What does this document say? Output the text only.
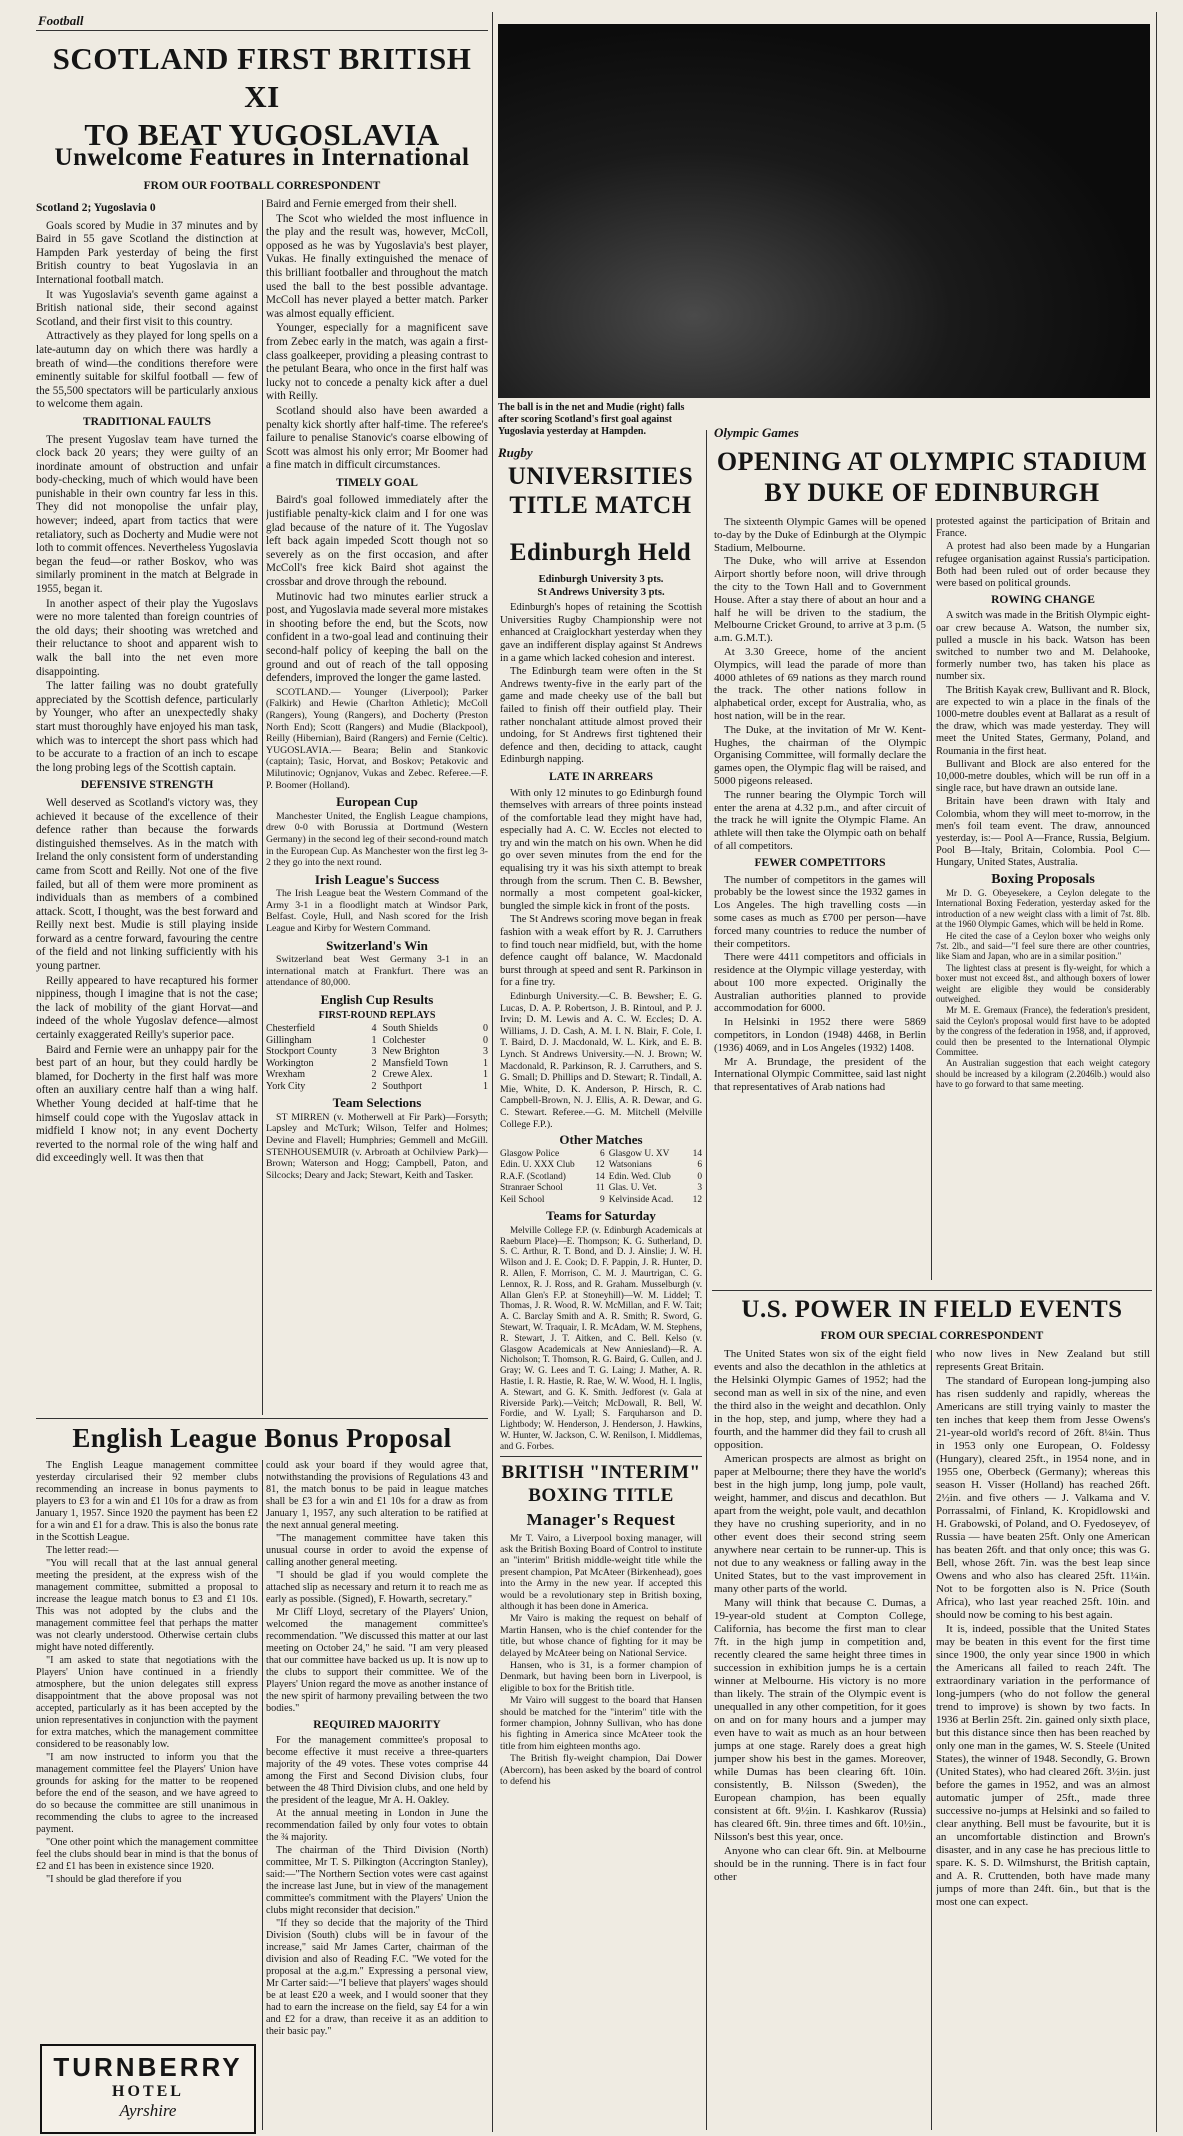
Football
SCOTLAND FIRST BRITISH XI
TO BEAT YUGOSLAVIA
Unwelcome Features in International
FROM OUR FOOTBALL CORRESPONDENT
Scotland 2; Yugoslavia 0

Goals scored by Mudie in 37 minutes and by Baird in 55 gave Scotland the distinction at Hampden Park yesterday of being the first British country to beat Yugoslavia in an International football match.

It was Yugoslavia's seventh game against a British national side, their second against Scotland, and their first visit to this country.

Attractively as they played for long spells on a late-autumn day on which there was hardly a breath of wind—the conditions therefore were eminently suitable for skilful football — few of the 55,500 spectators will be particularly anxious to welcome them again.

TRADITIONAL FAULTS

The present Yugoslav team have turned the clock back 20 years; they were guilty of an inordinate amount of obstruction and unfair body-checking, much of which would have been punishable in their own country far less in this. They did not monopolise the unfair play, however; indeed, apart from tactics that were retaliatory, such as Docherty and Mudie were not loth to commit offences. Nevertheless Yugoslavia began the feud—or rather Boskov, who was similarly prominent in the match at Belgrade in 1955, began it.

In another aspect of their play the Yugoslavs were no more talented than foreign countries of the old days; their shooting was wretched and their reluctance to shoot and apparent wish to walk the ball into the net even more disappointing.

The latter failing was no doubt gratefully appreciated by the Scottish defence, particularly by Younger, who after an unexpectedly shaky start must thoroughly have enjoyed his man task, which was to intercept the short pass which had to be accurate to a fraction of an inch to escape the long probing legs of the Scottish captain.

DEFENSIVE STRENGTH

Well deserved as Scotland's victory was, they achieved it because of the excellence of their defence rather than because the forwards distinguished themselves. As in the match with Ireland the only consistent form of understanding came from Scott and Reilly. Not one of the five failed, but all of them were more prominent as individuals than as members of a combined attack. Scott, I thought, was the best forward and Reilly next best. Mudie is still playing inside forward as a centre forward, favouring the centre of the field and not linking sufficiently with his young partner.

Reilly appeared to have recaptured his former nippiness, though I imagine that is not the case; the lack of mobility of the giant Horvat—and indeed of the whole Yugoslav defence—almost certainly exaggerated Reilly's superior pace.

Baird and Fernie were an unhappy pair for the best part of an hour, but they could hardly be blamed, for Docherty in the first half was more often an auxiliary centre half than a wing half. Whether Young decided at half-time that he himself could cope with the Yugoslav attack in midfield I know not; in any event Docherty reverted to the normal role of the wing half and did exceedingly well. It was then that

Baird and Fernie emerged from their shell.

The Scot who wielded the most influence in the play and the result was, however, McColl, opposed as he was by Yugoslavia's best player, Vukas. He finally extinguished the menace of this brilliant footballer and throughout the match used the ball to the best possible advantage. McColl has never played a better match. Parker was almost equally efficient.

Younger, especially for a magnificent save from Zebec early in the match, was again a first-class goalkeeper, providing a pleasing contrast to the petulant Beara, who once in the first half was lucky not to concede a penalty kick after a duel with Reilly.

Scotland should also have been awarded a penalty kick shortly after half-time. The referee's failure to penalise Stanovic's coarse elbowing of Scott was almost his only error; Mr Boomer had a fine match in difficult circumstances.

TIMELY GOAL

Baird's goal followed immediately after the justifiable penalty-kick claim and I for one was glad because of the nature of it. The Yugoslav left back again impeded Scott though not so severely as on the first occasion, and after McColl's free kick Baird shot against the crossbar and drove through the rebound.

Mutinovic had two minutes earlier struck a post, and Yugoslavia made several more mistakes in shooting before the end, but the Scots, now confident in a two-goal lead and continuing their second-half policy of keeping the ball on the ground and out of reach of the tall opposing defenders, improved the longer the game lasted.

SCOTLAND.— Younger (Liverpool); Parker (Falkirk) and Hewie (Charlton Athletic); McColl (Rangers), Young (Rangers), and Docherty (Preston North End); Scott (Rangers) and Mudie (Blackpool), Reilly (Hibernian), Baird (Rangers) and Fernie (Celtic). YUGOSLAVIA.— Beara; Belin and Stankovic (captain); Tasic, Horvat, and Boskov; Petakovic and Milutinovic; Ognjanov, Vukas and Zebec. Referee.—F. P. Boomer (Holland).

European Cup

Manchester United, the English League champions, drew 0-0 with Borussia at Dortmund (Western Germany) in the second leg of their second-round match in the European Cup. As Manchester won the first leg 3-2 they go into the next round.

Irish League's Success

The Irish League beat the Western Command of the Army 3-1 in a floodlight match at Windsor Park, Belfast. Coyle, Hull, and Nash scored for the Irish League and Kirby for Western Command.

Switzerland's Win

Switzerland beat West Germany 3-1 in an international match at Frankfurt. There was an attendance of 80,000.

English Cup Results
FIRST-ROUND REPLAYS
Chesterfield	4	South Shields	0
Gillingham	1	Colchester	0
Stockport County	3	New Brighton	3
Workington	2	Mansfield Town	1
Wrexham	2	Crewe Alex.	1
York City	2	Southport	1
Team Selections

ST MIRREN (v. Motherwell at Fir Park)—Forsyth; Lapsley and McTurk; Wilson, Telfer and Holmes; Devine and Flavell; Humphries; Gemmell and McGill. STENHOUSEMUIR (v. Arbroath at Ochilview Park)—Brown; Waterson and Hogg; Campbell, Paton, and Silcocks; Deary and Jack; Stewart, Keith and Tasker.

English League Bonus Proposal

The English League management committee yesterday circularised their 92 member clubs recommending an increase in bonus payments to players to £3 for a win and £1 10s for a draw as from January 1, 1957. Since 1920 the payment has been £2 for a win and £1 for a draw. This is also the bonus rate in the Scottish League.

The letter read:—

"You will recall that at the last annual general meeting the president, at the express wish of the management committee, submitted a proposal to increase the league match bonus to £3 and £1 10s. This was not adopted by the clubs and the management committee feel that perhaps the matter was not clearly understood. Otherwise certain clubs might have noted differently.

"I am asked to state that negotiations with the Players' Union have continued in a friendly atmosphere, but the union delegates still express disappointment that the above proposal was not accepted, particularly as it has been accepted by the union representatives in conjunction with the payment for extra matches, which the management committee considered to be reasonably low.

"I am now instructed to inform you that the management committee feel the Players' Union have grounds for asking for the matter to be reopened before the end of the season, and we have agreed to do so because the committee are still unanimous in recommending the clubs to agree to the increased payment.

"One other point which the management committee feel the clubs should bear in mind is that the bonus of £2 and £1 has been in existence since 1920.

"I should be glad therefore if you

could ask your board if they would agree that, notwithstanding the provisions of Regulations 43 and 81, the match bonus to be paid in league matches shall be £3 for a win and £1 10s for a draw as from January 1, 1957, any such alteration to be ratified at the next annual general meeting.

"The management committee have taken this unusual course in order to avoid the expense of calling another general meeting.

"I should be glad if you would complete the attached slip as necessary and return it to reach me as early as possible. (Signed), F. Howarth, secretary."

Mr Cliff Lloyd, secretary of the Players' Union, welcomed the management committee's recommendation. "We discussed this matter at our last meeting on October 24," he said. "I am very pleased that our committee have backed us up. It is now up to the clubs to support their committee. We of the Players' Union regard the move as another instance of the new spirit of harmony prevailing between the two bodies."

REQUIRED MAJORITY

For the management committee's proposal to become effective it must receive a three-quarters majority of the 49 votes. These votes comprise 44 among the First and Second Division clubs, four between the 48 Third Division clubs, and one held by the president of the league, Mr A. H. Oakley.

At the annual meeting in London in June the recommendation failed by only four votes to obtain the ¾ majority.

The chairman of the Third Division (North) committee, Mr T. S. Pilkington (Accrington Stanley), said:—"The Northern Section votes were cast against the increase last June, but in view of the management committee's commitment with the Players' Union the clubs might reconsider that decision."

"If they so decide that the majority of the Third Division (South) clubs will be in favour of the increase," said Mr James Carter, chairman of the division and also of Reading F.C. "We voted for the proposal at the a.g.m." Expressing a personal view, Mr Carter said:—"I believe that players' wages should be at least £20 a week, and I would sooner that they had to earn the increase on the field, say £4 for a win and £2 for a draw, than receive it as an addition to their basic pay."

TURNBERRY
HOTEL
Ayrshire
The ball is in the net and Mudie (right) falls after scoring Scotland's first goal against Yugoslavia yesterday at Hampden.
Rugby
UNIVERSITIES
TITLE MATCH
Edinburgh Held
Edinburgh University 3 pts.
St Andrews University 3 pts.

Edinburgh's hopes of retaining the Scottish Universities Rugby Championship were not enhanced at Craiglockhart yesterday when they gave an indifferent display against St Andrews in a game which lacked cohesion and interest.

The Edinburgh team were often in the St Andrews twenty-five in the early part of the game and made cheeky use of the ball but failed to finish off their outfield play. Their rather nonchalant attitude almost proved their undoing, for St Andrews first tightened their defence and then, deciding to attack, caught Edinburgh napping.

LATE IN ARREARS

With only 12 minutes to go Edinburgh found themselves with arrears of three points instead of the comfortable lead they might have had, especially had A. C. W. Eccles not elected to try and win the match on his own. When he did go over seven minutes from the end for the equalising try it was his sixth attempt to break through from the scrum. Then C. B. Bewsher, normally a most competent goal-kicker, bungled the simple kick in front of the posts.

The St Andrews scoring move began in freak fashion with a weak effort by R. J. Carruthers to find touch near midfield, but, with the home defence caught off balance, W. Macdonald burst through at speed and sent R. Parkinson in for a fine try.

Edinburgh University.—C. B. Bewsher; E. G. Lucas, D. A. P. Robertson, J. B. Rintoul, and P. J. Irvin; D. M. Lewis and A. C. W. Eccles; D. A. Williams, J. D. Cash, A. M. I. N. Blair, F. Cole, I. T. Baird, D. J. Macdonald, W. L. Kirk, and E. B. Lynch. St Andrews University.—N. J. Brown; W. Macdonald, R. Parkinson, R. J. Carruthers, and S. G. Small; D. Phillips and D. Stewart; R. Tindall, A. Mie, White, D. K. Anderson, P. Hirsch, R. C. Campbell-Brown, N. J. Ellis, A. R. Dewar, and G. C. Stewart. Referee.—G. M. Mitchell (Melville College F.P.).

Other Matches
Glasgow Police	6	Glasgow U. XV	14
Edin. U. XXX Club	12	Watsonians	6
R.A.F. (Scotland)	14	Edin. Wed. Club	0
Stranraer School	11	Glas. U. Vet.	3
Keil School	9	Kelvinside Acad.	12
Teams for Saturday

Melville College F.P. (v. Edinburgh Academicals at Raeburn Place)—E. Thompson; K. G. Sutherland, D. S. C. Arthur, R. T. Bond, and D. J. Ainslie; J. W. H. Wilson and J. E. Cook; D. F. Pappin, J. R. Hunter, D. R. Allen, F. Morrison, C. M. J. Maurtrigan, C. G. Lennox, R. J. Ross, and R. Graham. Musselburgh (v. Allan Glen's F.P. at Stoneyhill)—W. M. Liddel; T. Thomas, J. R. Wood, R. W. McMillan, and F. W. Tait; A. C. Barclay Smith and A. R. Smith; R. Sword, G. Stewart, W. Traquair, I. R. McAdam, W. M. Stephens, R. Stewart, J. T. Aitken, and C. Bell. Kelso (v. Glasgow Academicals at New Anniesland)—R. A. Nicholson; T. Thomson, R. G. Baird, G. Cullen, and J. Gray; W. G. Lees and T. G. Laing; J. Mather, A. R. Hastie, I. R. Hastie, R. Rae, W. W. Wood, H. I. Inglis, A. Stewart, and G. K. Smith. Jedforest (v. Gala at Riverside Park).—Veitch; McDowall, R. Bell, W. Fordie, and W. Lyall; S. Farquharson and D. Lightbody; W. Henderson, J. Henderson, J. Hawkins, W. Hunter, W. Jackson, C. W. Renilson, I. Middlemas, and G. Forbes.

BRITISH "INTERIM"
BOXING TITLE
Manager's Request

Mr T. Vairo, a Liverpool boxing manager, will ask the British Boxing Board of Control to institute an "interim" British middle-weight title while the present champion, Pat McAteer (Birkenhead), goes into the Army in the new year. If accepted this would be a revolutionary step in British boxing, although it has been done in America.

Mr Vairo is making the request on behalf of Martin Hansen, who is the chief contender for the title, but whose chance of fighting for it may be delayed by McAteer being on National Service.

Hansen, who is 31, is a former champion of Denmark, but having been born in Liverpool, is eligible to box for the British title.

Mr Vairo will suggest to the board that Hansen should be matched for the "interim" title with the former champion, Johnny Sullivan, who has done his fighting in America since McAteer took the title from him eighteen months ago.

The British fly-weight champion, Dai Dower (Abercorn), has been asked by the board of control to defend his

Olympic Games
OPENING AT OLYMPIC STADIUM
BY DUKE OF EDINBURGH

The sixteenth Olympic Games will be opened to-day by the Duke of Edinburgh at the Olympic Stadium, Melbourne.

The Duke, who will arrive at Essendon Airport shortly before noon, will drive through the city to the Town Hall and to Government House. After a stay there of about an hour and a half he will be driven to the stadium, the Melbourne Cricket Ground, to arrive at 3 p.m. (5 a.m. G.M.T.).

At 3.30 Greece, home of the ancient Olympics, will lead the parade of more than 4000 athletes of 69 nations as they march round the track. The other nations follow in alphabetical order, except for Australia, who, as host nation, will be in the rear.

The Duke, at the invitation of Mr W. Kent-Hughes, the chairman of the Olympic Organising Committee, will formally declare the games open, the Olympic flag will be raised, and 5000 pigeons released.

The runner bearing the Olympic Torch will enter the arena at 4.32 p.m., and after circuit of the track he will ignite the Olympic Flame. An athlete will then take the Olympic oath on behalf of all competitors.

FEWER COMPETITORS

The number of competitors in the games will probably be the lowest since the 1932 games in Los Angeles. The high travelling costs —in some cases as much as £700 per person—have forced many countries to reduce the number of their competitors.

There were 4411 competitors and officials in residence at the Olympic village yesterday, with about 100 more expected. Originally the Australian authorities planned to provide accommodation for 6000.

In Helsinki in 1952 there were 5869 competitors, in London (1948) 4468, in Berlin (1936) 4069, and in Los Angeles (1932) 1408.

Mr A. Brundage, the president of the International Olympic Committee, said last night that representatives of Arab nations had

protested against the participation of Britain and France.

A protest had also been made by a Hungarian refugee organisation against Russia's participation. Both had been ruled out of order because they were based on political grounds.

ROWING CHANGE

A switch was made in the British Olympic eight-oar crew because A. Watson, the number six, pulled a muscle in his back. Watson has been switched to number two and M. Delahooke, formerly number two, has taken his place as number six.

The British Kayak crew, Bullivant and R. Block, are expected to win a place in the finals of the 1000-metre doubles event at Ballarat as a result of the draw, which was made yesterday. They will meet the United States, Germany, Poland, and Roumania in the first heat.

Bullivant and Block are also entered for the 10,000-metre doubles, which will be run off in a single race, but have drawn an outside lane.

Britain have been drawn with Italy and Colombia, whom they will meet to-morrow, in the men's foil team event. The draw, announced yesterday, is:— Pool A—France, Russia, Belgium. Pool B—Italy, Britain, Colombia. Pool C—Hungary, United States, Australia.

Boxing Proposals

Mr D. G. Obeyesekere, a Ceylon delegate to the International Boxing Federation, yesterday asked for the introduction of a new weight class with a limit of 7st. 8lb. at the 1960 Olympic Games, which will be held in Rome.

He cited the case of a Ceylon boxer who weighs only 7st. 2lb., and said—"I feel sure there are other countries, like Siam and Japan, who are in a similar position."

The lightest class at present is fly-weight, for which a boxer must not exceed 8st., and although boxers of lower weight are eligible they would be considerably outweighed.

Mr M. E. Gremaux (France), the federation's president, said the Ceylon's proposal would first have to be adopted by the congress of the federation in 1958, and, if approved, could then be presented to the International Olympic Committee.

An Australian suggestion that each weight category should be increased by a kilogram (2.2046lb.) would also have to go forward to that same meeting.

U.S. POWER IN FIELD EVENTS
FROM OUR SPECIAL CORRESPONDENT

The United States won six of the eight field events and also the decathlon in the athletics at the Helsinki Olympic Games of 1952; had the second man as well in six of the nine, and even the third also in the weight and decathlon. Only in the hop, step, and jump, where they had a fourth, and the hammer did they fail to crush all opposition.

American prospects are almost as bright on paper at Melbourne; there they have the world's best in the high jump, long jump, pole vault, weight, hammer, and discus and decathlon. But apart from the weight, pole vault, and decathlon they have no crushing superiority, and in no other event does their second string seem anywhere near certain to be runner-up. This is not due to any weakness or falling away in the United States, but to the vast improvement in many other parts of the world.

Many will think that because C. Dumas, a 19-year-old student at Compton College, California, has become the first man to clear 7ft. in the high jump in competition and, recently cleared the same height three times in succession in exhibition jumps he is a certain winner at Melbourne. His victory is no more than likely. The strain of the Olympic event is unequalled in any other competition, for it goes on and on for many hours and a jumper may even have to wait as much as an hour between jumps at one stage. Rarely does a great high jumper show his best in the games. Moreover, while Dumas has been clearing 6ft. 10in. consistently, B. Nilsson (Sweden), the European champion, has been equally consistent at 6ft. 9½in. I. Kashkarov (Russia) has cleared 6ft. 9in. three times and 6ft. 10½in., Nilsson's best this year, once.

Anyone who can clear 6ft. 9in. at Melbourne should be in the running. There is in fact four other

who now lives in New Zealand but still represents Great Britain.

The standard of European long-jumping also has risen suddenly and rapidly, whereas the Americans are still trying vainly to master the ten inches that keep them from Jesse Owens's 21-year-old world's record of 26ft. 8¼in. Thus in 1953 only one European, O. Foldessy (Hungary), cleared 25ft., in 1954 none, and in 1955 one, Oberbeck (Germany); whereas this season H. Visser (Holland) has reached 26ft. 2½in. and five others — J. Valkama and V. Porrassalmi, of Finland, K. Kropidlowski and H. Grabowski, of Poland, and O. Fyedoseyev, of Russia — have beaten 25ft. Only one American has beaten 26ft. and that only once; this was G. Bell, whose 26ft. 7in. was the best leap since Owens and who also has cleared 25ft. 11¼in. Not to be forgotten also is N. Price (South Africa), who last year reached 25ft. 10in. and should now be coming to his best again.

It is, indeed, possible that the United States may be beaten in this event for the first time since 1900, the only year since 1900 in which the Americans all failed to reach 24ft. The extraordinary variation in the performance of long-jumpers (who do not follow the general trend to improve) is shown by two facts. In 1936 at Berlin 25ft. 2in. gained only sixth place, but this distance since then has been reached by only one man in the games, W. S. Steele (United States), the winner of 1948. Secondly, G. Brown (United States), who had cleared 26ft. 3½in. just before the games in 1952, and was an almost automatic jumper of 25ft., made three successive no-jumps at Helsinki and so failed to clear anything. Bell must be favourite, but it is an uncomfortable distinction and Brown's disaster, and in any case he has precious little to spare. K. S. D. Wilmshurst, the British captain, and A. R. Cruttenden, both have made many jumps of more than 24ft. 6in., but that is the most one can expect.
